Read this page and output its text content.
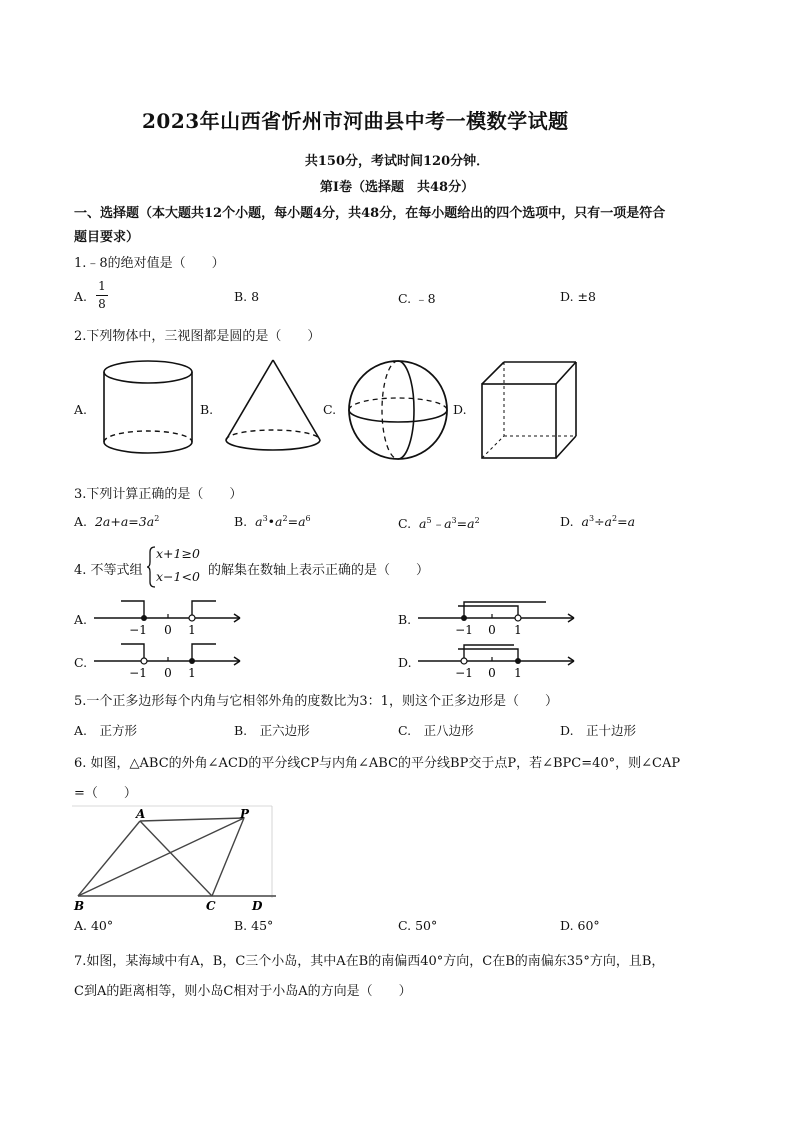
2023年山西省忻州市河曲县中考一模数学试题
共150分，考试时间120分钟．
第Ⅰ卷（选择题　共48分）
一、选择题（本大题共12个小题，每小题4分，共48分，在每小题给出的四个选项中，只有一项是符合
题目要求）
1.﹣8的绝对值是（　　）
A.
1
8	B. 8	C. ﹣8	D. ±8
2.下列物体中，三视图都是圆的是（　　）
A.	B.	C.	D.
3.下列计算正确的是（　　）
A. $2a+a=3a^2$	B. $a^3•a^2=a^6$	C. $a^5﹣a^3=a^2$	D. $a^3\div a^2=a$
4. 不等式组
x+1≥0
x−1<0 的解集在数轴上表示正确的是（　　）
A.	B.
C.	D.
−1 0 1	−1 0 1
−1 0 1	−1 0 1
5.一个正多边形每个内角与它相邻外角的度数比为3：1，则这个正多边形是（　　）
A.　正方形	B.　正六边形	C.　正八边形	D.　正十边形
6. 如图，△ABC的外角∠ACD的平分线CP与内角∠ABC的平分线BP交于点P，若∠BPC=40°，则∠CAP
=（　　）
A	P
B	C	D
A. 40°	B. 45°	C. 50°	D. 60°
7.如图，某海域中有A，B，C三个小岛，其中A在B的南偏西40°方向，C在B的南偏东35°方向，且B，
C到A的距离相等，则小岛C相对于小岛A的方向是（　　）
